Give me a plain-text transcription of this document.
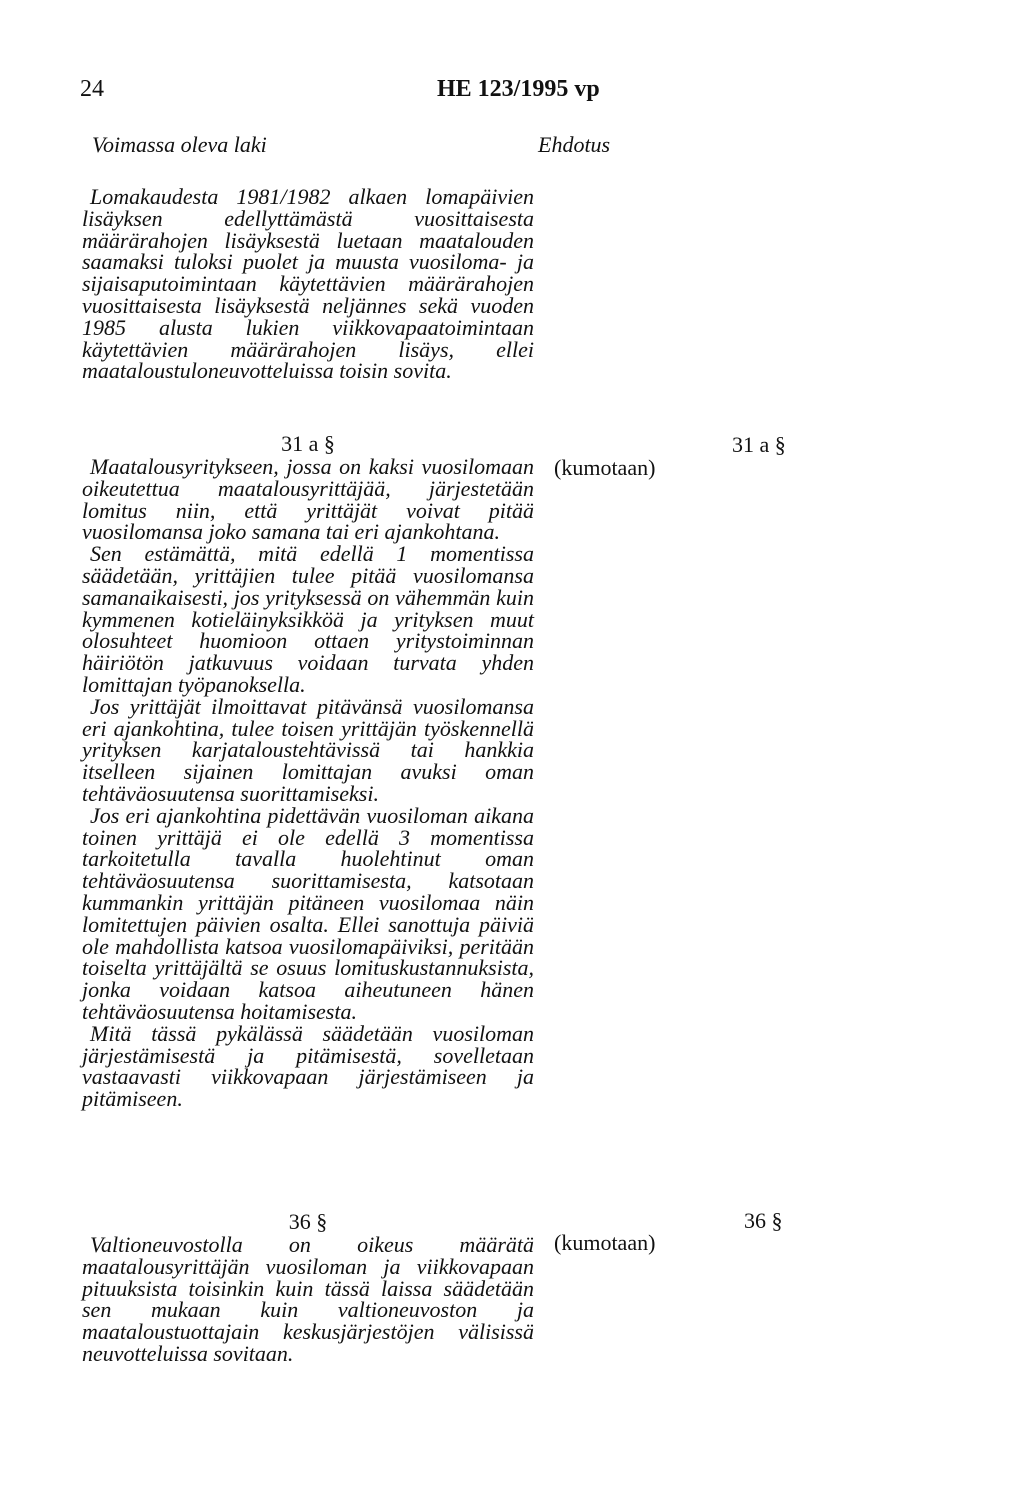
24	HE 123/1995 vp
Voimassa oleva laki	Ehdotus

Lomakaudesta 1981/1982 alkaen lomapäivien lisäyksen edellyttämästä vuosittaisesta määrärahojen lisäyksestä luetaan maatalouden saamaksi tuloksi puolet ja muusta vuosiloma- ja sijaisaputoimintaan käytettävien määrärahojen vuosittaisesta lisäyksestä neljännes sekä vuoden 1985 alusta lukien viikkovapaatoimintaan käytettävien määrärahojen lisäys, ellei maataloustuloneuvotteluissa toisin sovita.

31 a §

Maatalousyritykseen, jossa on kaksi vuosilomaan oikeutettua maatalousyrittäjää, järjestetään lomitus niin, että yrittäjät voivat pitää vuosilomansa joko samana tai eri ajankohtana.

Sen estämättä, mitä edellä 1 momentissa säädetään, yrittäjien tulee pitää vuosilomansa samanaikaisesti, jos yrityksessä on vähemmän kuin kymmenen kotieläinyksikköä ja yrityksen muut olosuhteet huomioon ottaen yritystoiminnan häiriötön jatkuvuus voidaan turvata yhden lomittajan työpanoksella.

Jos yrittäjät ilmoittavat pitävänsä vuosilomansa eri ajankohtina, tulee toisen yrittäjän työskennellä yrityksen karjataloustehtävissä tai hankkia itselleen sijainen lomittajan avuksi oman tehtäväosuutensa suorittamiseksi.

Jos eri ajankohtina pidettävän vuosiloman aikana toinen yrittäjä ei ole edellä 3 momentissa tarkoitetulla tavalla huolehtinut oman tehtäväosuutensa suorittamisesta, katsotaan kummankin yrittäjän pitäneen vuosilomaa näin lomitettujen päivien osalta. Ellei sanottuja päiviä ole mahdollista katsoa vuosilomapäiviksi, peritään toiselta yrittäjältä se osuus lomituskustannuksista, jonka voidaan katsoa aiheutuneen hänen tehtäväosuutensa hoitamisesta.

Mitä tässä pykälässä säädetään vuosiloman järjestämisestä ja pitämisestä, sovelletaan vastaavasti viikkovapaan järjestämiseen ja pitämiseen.

(kumotaan)
31 a §
36 §

Valtioneuvostolla on oikeus määrätä maatalousyrittäjän vuosiloman ja viikkovapaan pituuksista toisinkin kuin tässä laissa säädetään sen mukaan kuin valtioneuvoston ja maataloustuottajain keskusjärjestöjen välisissä neuvotteluissa sovitaan.

(kumotaan)
36 §
